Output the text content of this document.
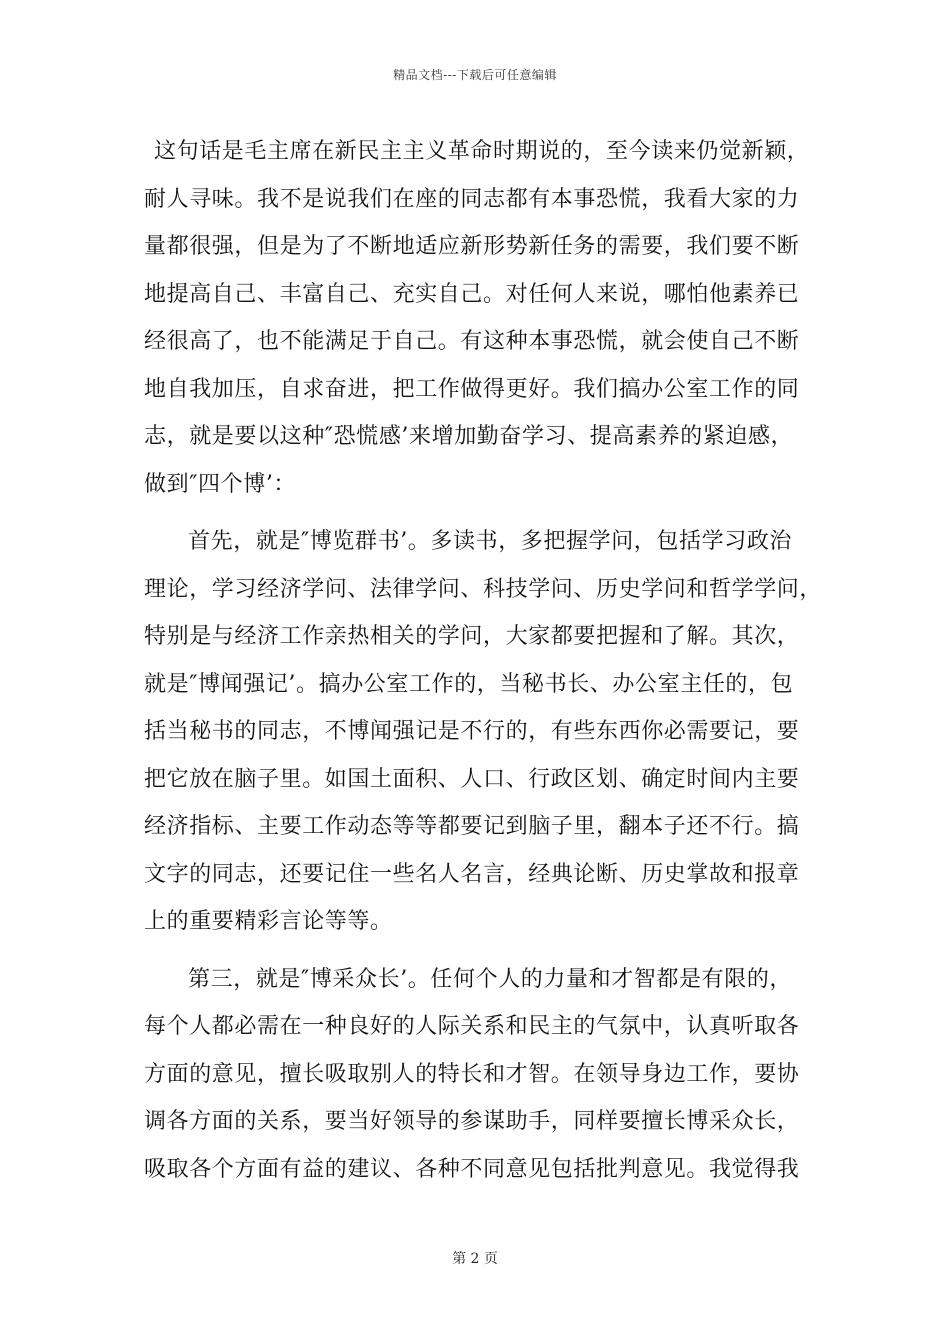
精品文档---下载后可任意编辑
这句话是毛主席在新民主主义革命时期说的，至今读来仍觉新颖，
耐人寻味。我不是说我们在座的同志都有本事恐慌，我看大家的力
量都很强，但是为了不断地适应新形势新任务的需要，我们要不断
地提高自己、丰富自己、充实自己。对任何人来说，哪怕他素养已
经很高了，也不能满足于自己。有这种本事恐慌，就会使自己不断
地自我加压，自求奋进，把工作做得更好。我们搞办公室工作的同
志，就是要以这种″恐慌感’来增加勤奋学习、提高素养的紧迫感，
做到″四个博’：
首先，就是″博览群书’。多读书，多把握学问，包括学习政治
理论，学习经济学问、法律学问、科技学问、历史学问和哲学学问，
特别是与经济工作亲热相关的学问，大家都要把握和了解。其次，
就是″博闻强记’。搞办公室工作的，当秘书长、办公室主任的，包
括当秘书的同志，不博闻强记是不行的，有些东西你必需要记，要
把它放在脑子里。如国土面积、人口、行政区划、确定时间内主要
经济指标、主要工作动态等等都要记到脑子里，翻本子还不行。搞
文字的同志，还要记住一些名人名言，经典论断、历史掌故和报章
上的重要精彩言论等等。
第三，就是″博采众长’。任何个人的力量和才智都是有限的，
每个人都必需在一种良好的人际关系和民主的气氛中，认真听取各
方面的意见，擅长吸取别人的特长和才智。在领导身边工作，要协
调各方面的关系，要当好领导的参谋助手，同样要擅长博采众长，
吸取各个方面有益的建议、各种不同意见包括批判意见。我觉得我
第 2 页
